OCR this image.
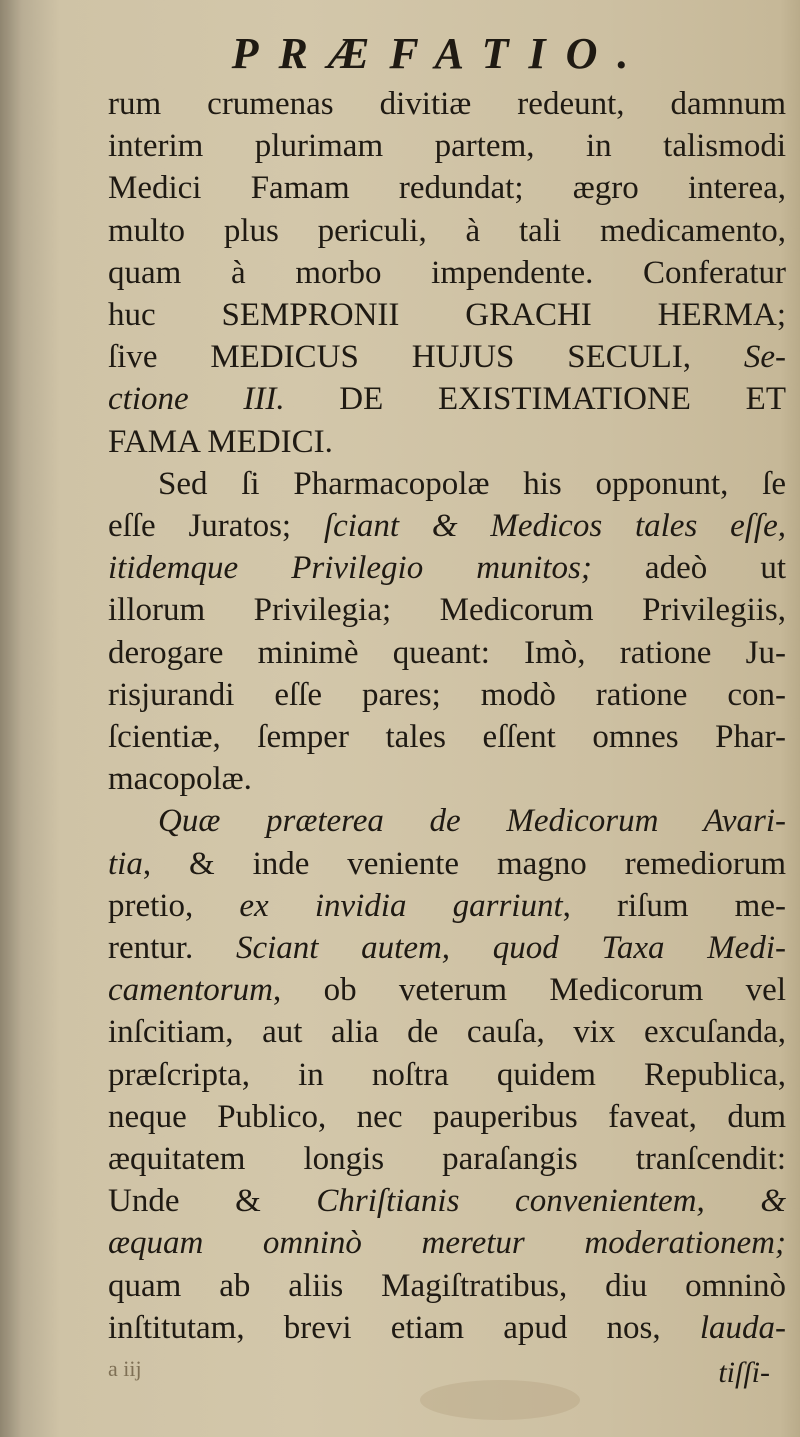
PRÆFATIO.
rum crumenas divitiæ redeunt, damnum
interim plurimam partem, in talismodi
Medici Famam redundat; ægro interea,
multo plus periculi, à tali medicamento,
quam à morbo impendente. Conferatur
huc SEMPRONII GRACHI HERMA;
ſive MEDICUS HUJUS SECULI, Se-
ctione III. DE EXISTIMATIONE ET
FAMA MEDICI.
Sed ſi Pharmacopolæ his opponunt, ſe
eſſe Juratos; ſciant & Medicos tales eſſe,
itidemque Privilegio munitos; adeò ut
illorum Privilegia; Medicorum Privilegiis,
derogare minimè queant: Imò, ratione Ju-
risjurandi eſſe pares; modò ratione con-
ſcientiæ, ſemper tales eſſent omnes Phar-
macopolæ.
Quæ præterea de Medicorum Avari-
tia, & inde veniente magno remediorum
pretio, ex invidia garriunt, riſum me-
rentur. Sciant autem, quod Taxa Medi-
camentorum, ob veterum Medicorum vel
inſcitiam, aut alia de cauſa, vix excuſanda,
præſcripta, in noſtra quidem Republica,
neque Publico, nec pauperibus faveat, dum
æquitatem longis paraſangis tranſcendit:
Unde & Chriſtianis convenientem, &
æquam omninò meretur moderationem;
quam ab aliis Magiſtratibus, diu omninò
inſtitutam, brevi etiam apud nos, lauda-
a iij	tiſſi-
